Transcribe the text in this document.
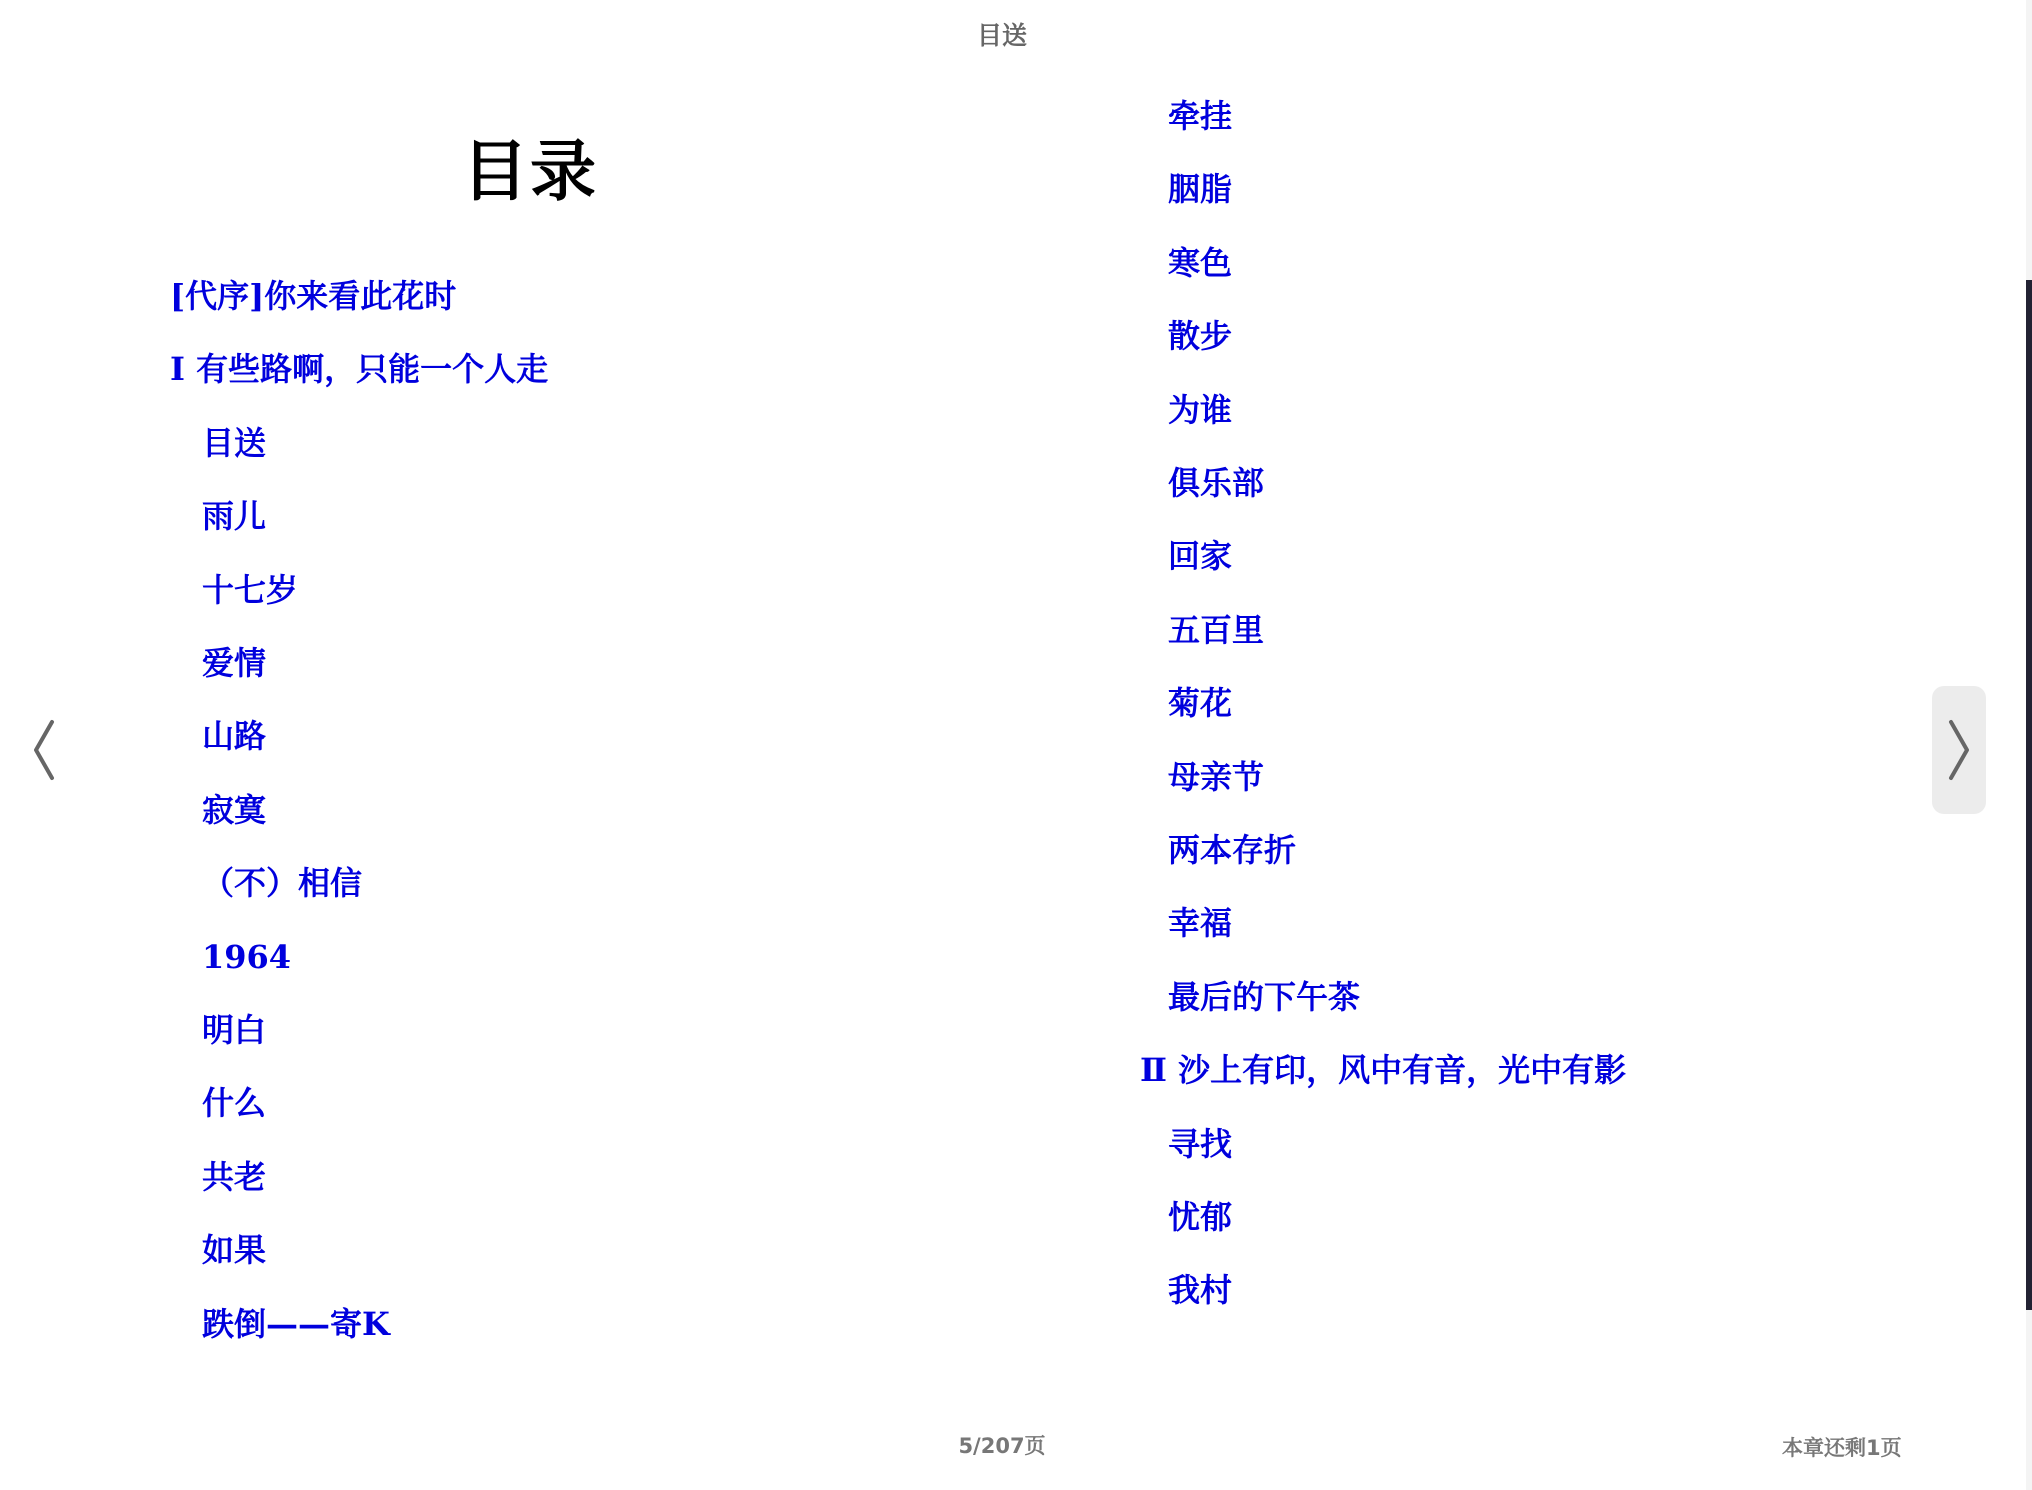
目送
目录
[代序]你来看此花时
I 有些路啊，只能一个人走
目送
雨儿
十七岁
爱情
山路
寂寞
（不）相信
1964
明白
什么
共老
如果
跌倒——寄K
牵挂
胭脂
寒色
散步
为谁
俱乐部
回家
五百里
菊花
母亲节
两本存折
幸福
最后的下午茶
Ⅱ 沙上有印，风中有音，光中有影
寻找
忧郁
我村
5/207页	本章还剩1页
